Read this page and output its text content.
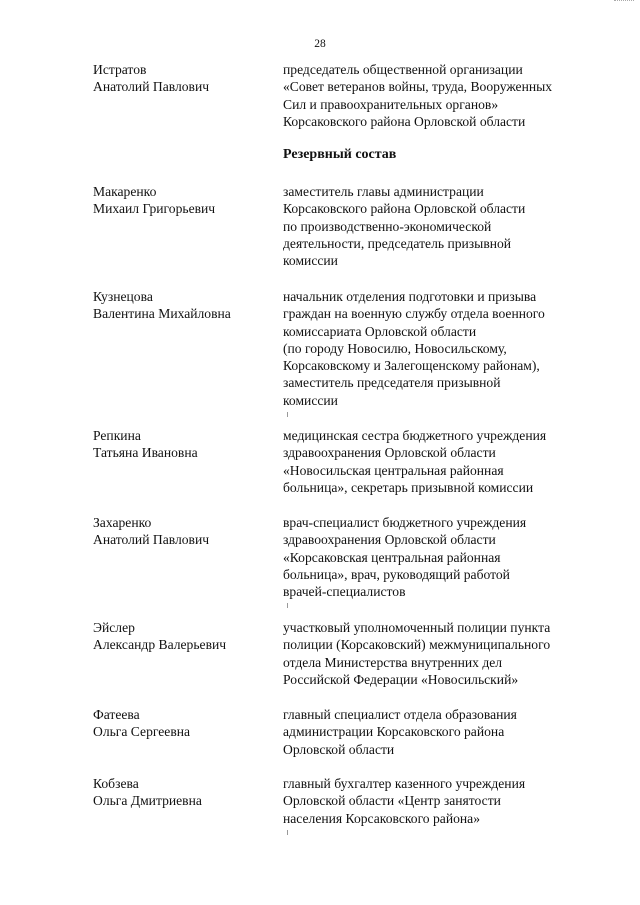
28
Резервный состав
Истратов
Анатолий Павлович
председатель общественной организации
«Совет ветеранов войны, труда, Вооруженных
Сил и правоохранительных органов»
Корсаковского района Орловской области
Макаренко
Михаил Григорьевич
заместитель главы администрации
Корсаковского района Орловской области
по производственно-экономической
деятельности, председатель призывной
комиссии
Кузнецова
Валентина Михайловна
начальник отделения подготовки и призыва
граждан на военную службу отдела военного
комиссариата Орловской области
(по городу Новосилю, Новосильскому,
Корсаковскому и Залегощенскому районам),
заместитель председателя призывной
комиссии
Репкина
Татьяна Ивановна
медицинская сестра бюджетного учреждения
здравоохранения Орловской области
«Новосильская центральная районная
больница», секретарь призывной комиссии
Захаренко
Анатолий Павлович
врач-специалист бюджетного учреждения
здравоохранения Орловской области
«Корсаковская центральная районная
больница», врач, руководящий работой
врачей-специалистов
Эйслер
Александр Валерьевич
участковый уполномоченный полиции пункта
полиции (Корсаковский) межмуниципального
отдела Министерства внутренних дел
Российской Федерации «Новосильский»
Фатеева
Ольга Сергеевна
главный специалист отдела образования
администрации Корсаковского района
Орловской области
Кобзева
Ольга Дмитриевна
главный бухгалтер казенного учреждения
Орловской области «Центр занятости
населения Корсаковского района»
